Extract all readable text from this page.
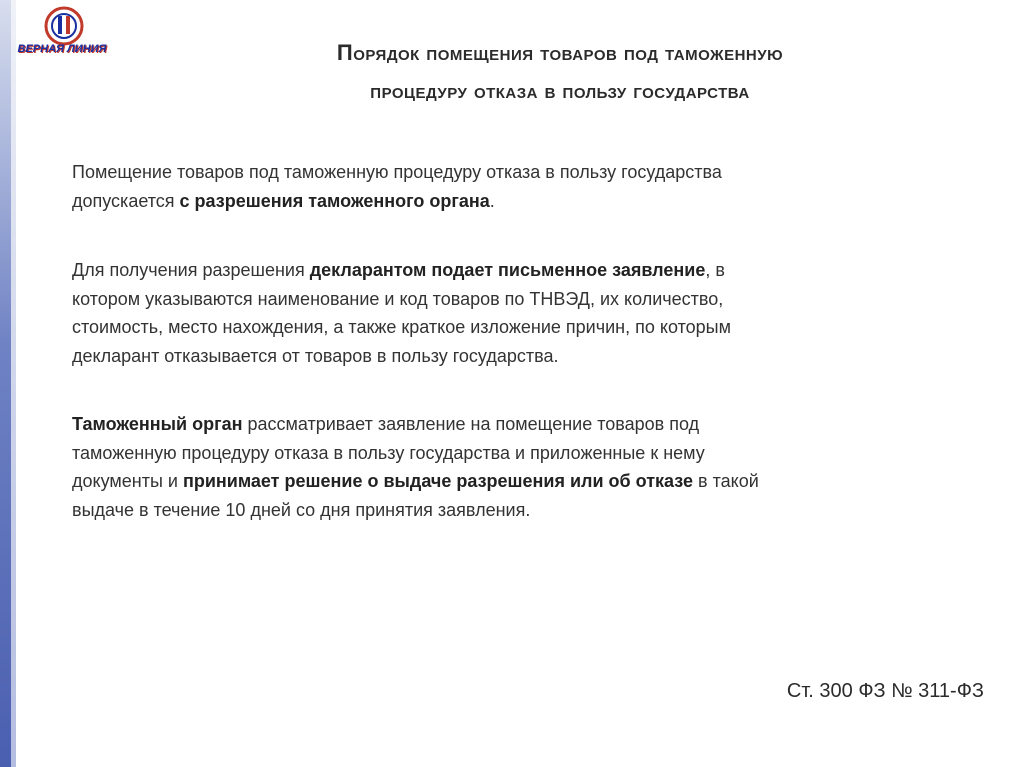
ВЕРНАЯ ЛИНИЯ	Порядок помещения товаров под таможенную
процедуру отказа в пользу государства
Помещение товаров под таможенную процедуру отказа в пользу государства
допускается с разрешения таможенного органа.
Для получения разрешения декларантом подает письменное заявление, в
котором указываются наименование и код товаров по ТНВЭД, их количество,
стоимость, место нахождения, а также краткое изложение причин, по которым
декларант отказывается от товаров в пользу государства.
Таможенный орган рассматривает заявление на помещение товаров под
таможенную процедуру отказа в пользу государства и приложенные к нему
документы и принимает решение о выдаче разрешения или об отказе в такой
выдаче в течение 10 дней со дня принятия заявления.
Ст. 300 ФЗ № 311-ФЗ
